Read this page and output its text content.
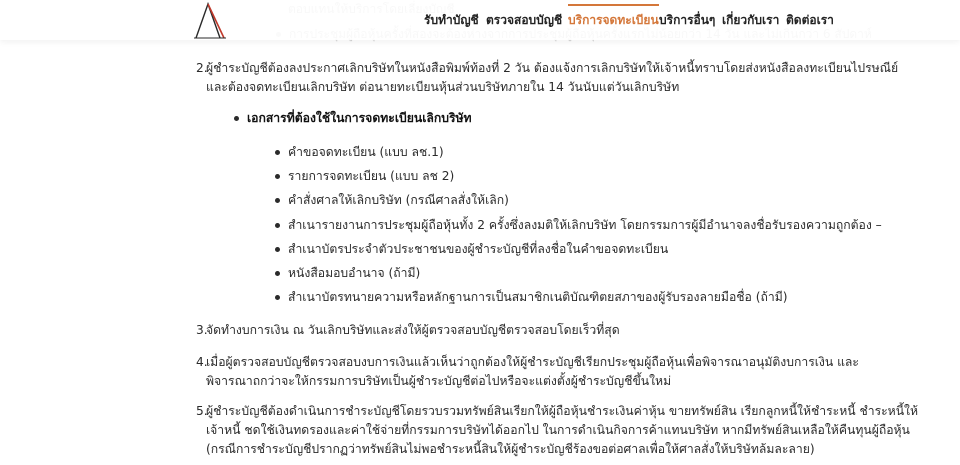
2.
ผู้ชำระบัญชีต้องลงประกาศเลิกบริษัทในหนังสือพิมพ์ท้องที่ 2 วัน ต้องแจ้งการเลิกบริษัทให้เจ้าหนี้ทราบโดยส่งหนังสือลงทะเบียนไปรษณีย์
และต้องจดทะเบียนเลิกบริษัท ต่อนายทะเบียนหุ้นส่วนบริษัทภายใน 14 วันนับแต่วันเลิกบริษัท
เอกสารที่ต้องใช้ในการจดทะเบียนเลิกบริษัท
คำขอจดทะเบียน (แบบ ลช.1)
รายการจดทะเบียน (แบบ ลช 2)
คำสั่งศาลให้เลิกบริษัท (กรณีศาลสั่งให้เลิก)
สำเนารายงานการประชุมผู้ถือหุ้นทั้ง 2 ครั้งซึ่งลงมติให้เลิกบริษัท โดยกรรมการผู้มีอำนาจลงชื่อรับรองความถูกต้อง –
สำเนาบัตรประจำตัวประชาชนของผู้ชำระบัญชีที่ลงชื่อในคำขอจดทะเบียน
หนังสือมอบอำนาจ (ถ้ามี)
สำเนาบัตรทนายความหรือหลักฐานการเป็นสมาชิกเนติบัณฑิตยสภาของผู้รับรองลายมือชื่อ (ถ้ามี)
3.
จัดทำงบการเงิน ณ วันเลิกบริษัทและส่งให้ผู้ตรวจสอบบัญชีตรวจสอบโดยเร็วที่สุด
4.
เมื่อผู้ตรวจสอบบัญชีตรวจสอบงบการเงินแล้วเห็นว่าถูกต้องให้ผู้ชำระบัญชีเรียกประชุมผู้ถือหุ้นเพื่อพิจารณาอนุมัติงบการเงิน และ
พิจารณาถกว่าจะให้กรรมการบริษัทเป็นผู้ชำระบัญชีต่อไปหรือจะแต่งตั้งผู้ชำระบัญชีขึ้นใหม่
5.
ผู้ชำระบัญชีต้องดำเนินการชำระบัญชีโดยรวบรวมทรัพย์สินเรียกให้ผู้ถือหุ้นชำระเงินค่าหุ้น ขายทรัพย์สิน เรียกลูกหนี้ให้ชำระหนี้ ชำระหนี้ให้
เจ้าหนี้ ชดใช้เงินทดรองและค่าใช้จ่ายที่กรรมการบริษัทได้ออกไป ในการดำเนินกิจการค้าแทนบริษัท หากมีทรัพย์สินเหลือให้คืนทุนผู้ถือหุ้น
(กรณีการชำระบัญชีปรากฏว่าทรัพย์สินไม่พอชำระหนี้สินให้ผู้ชำระบัญชีร้องขอต่อศาลเพื่อให้ศาลสั่งให้บริษัทล้มละลาย)
รับทำบัญชี ตรวจสอบบัญชี บริการจดทะเบียน บริการอื่นๆ เกี่ยวกับเรา ติดต่อเรา
